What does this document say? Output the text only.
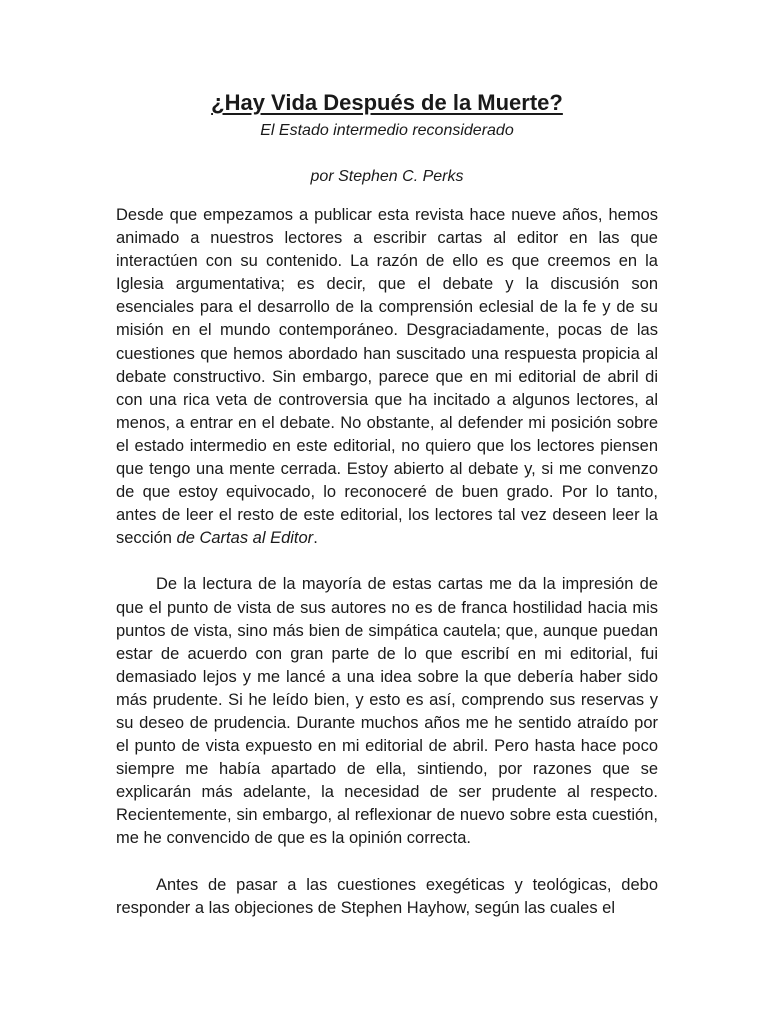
¿Hay Vida Después de la Muerte?

El Estado intermedio reconsiderado

por Stephen C. Perks

Desde que empezamos a publicar esta revista hace nueve años, hemos animado a nuestros lectores a escribir cartas al editor en las que interactúen con su contenido. La razón de ello es que creemos en la Iglesia argumentativa; es decir, que el debate y la discusión son esenciales para el desarrollo de la comprensión eclesial de la fe y de su misión en el mundo contemporáneo. Desgraciadamente, pocas de las cuestiones que hemos abordado han suscitado una respuesta propicia al debate constructivo. Sin embargo, parece que en mi editorial de abril di con una rica veta de controversia que ha incitado a algunos lectores, al menos, a entrar en el debate. No obstante, al defender mi posición sobre el estado intermedio en este editorial, no quiero que los lectores piensen que tengo una mente cerrada. Estoy abierto al debate y, si me convenzo de que estoy equivocado, lo reconoceré de buen grado. Por lo tanto, antes de leer el resto de este editorial, los lectores tal vez deseen leer la sección de Cartas al Editor.

De la lectura de la mayoría de estas cartas me da la impresión de que el punto de vista de sus autores no es de franca hostilidad hacia mis puntos de vista, sino más bien de simpática cautela; que, aunque puedan estar de acuerdo con gran parte de lo que escribí en mi editorial, fui demasiado lejos y me lancé a una idea sobre la que debería haber sido más prudente. Si he leído bien, y esto es así, comprendo sus reservas y su deseo de prudencia. Durante muchos años me he sentido atraído por el punto de vista expuesto en mi editorial de abril. Pero hasta hace poco siempre me había apartado de ella, sintiendo, por razones que se explicarán más adelante, la necesidad de ser prudente al respecto. Recientemente, sin embargo, al reflexionar de nuevo sobre esta cuestión, me he convencido de que es la opinión correcta.

Antes de pasar a las cuestiones exegéticas y teológicas, debo responder a las objeciones de Stephen Hayhow, según las cuales el
